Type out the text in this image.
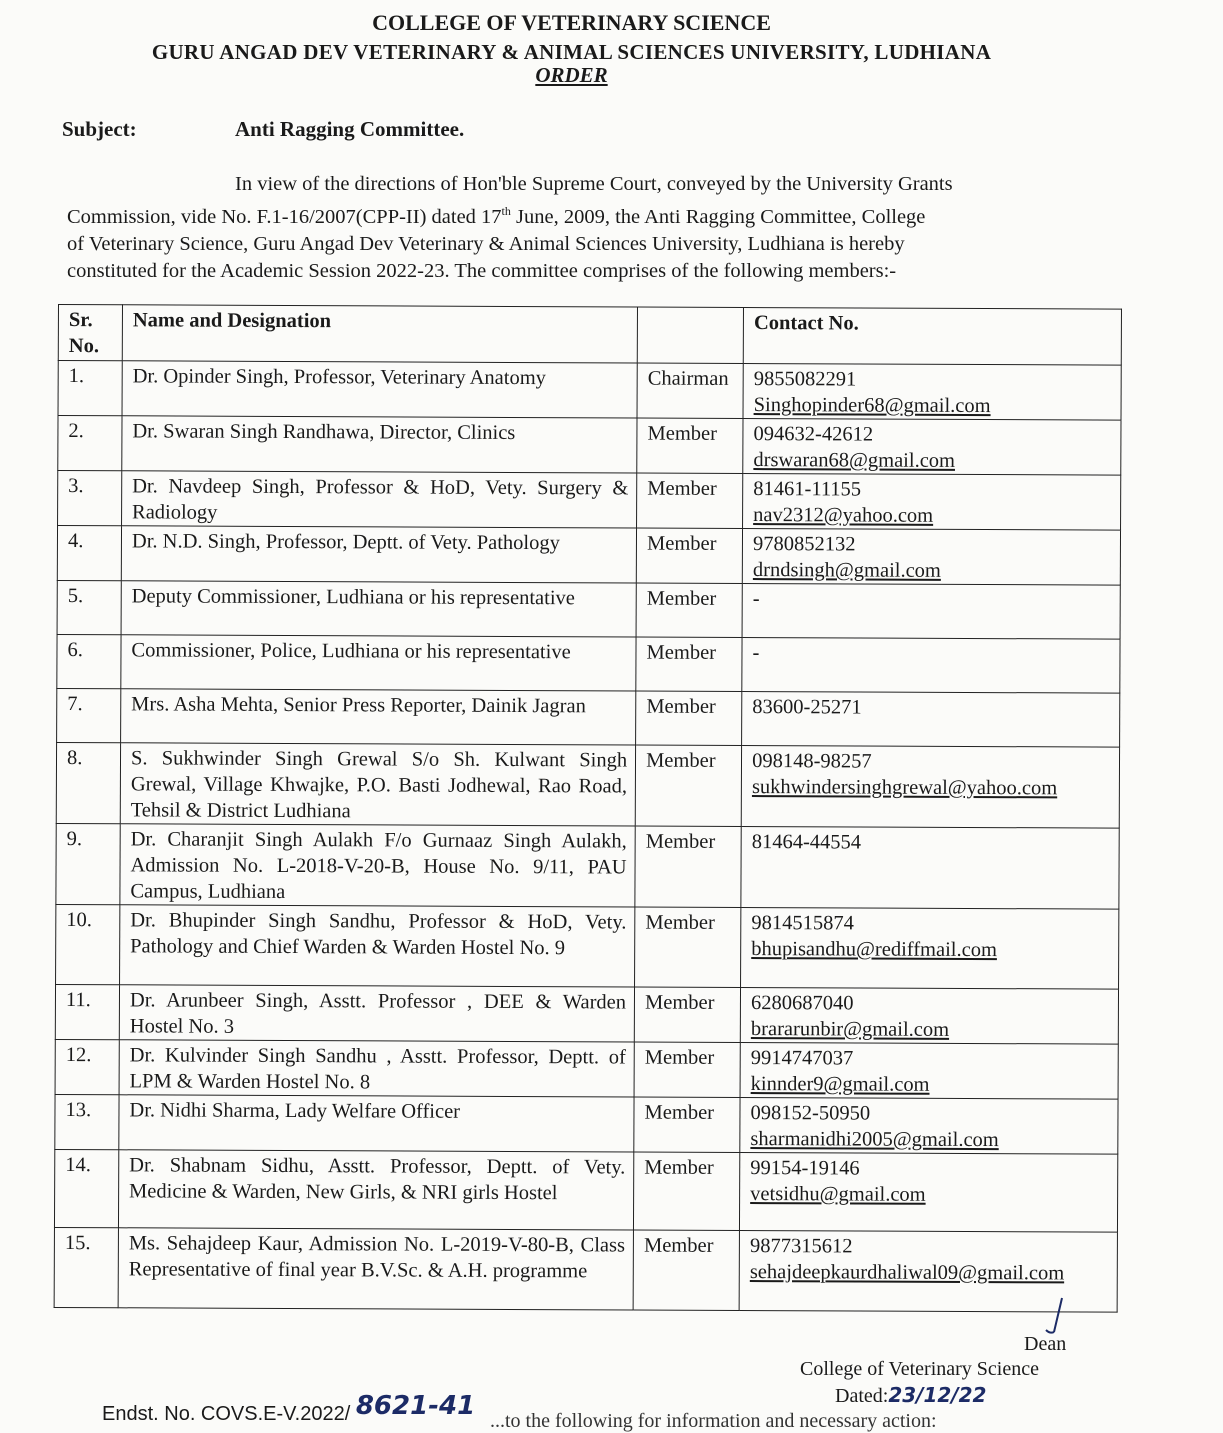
COLLEGE OF VETERINARY SCIENCE
GURU ANGAD DEV VETERINARY & ANIMAL SCIENCES UNIVERSITY, LUDHIANA
ORDER
Subject:	Anti Ragging Committee.
In view of the directions of Hon'ble Supreme Court, conveyed by the University Grants
Commission, vide No. F.1-16/2007(CPP-II) dated 17th June, 2009, the Anti Ragging Committee, College
of Veterinary Science, Guru Angad Dev Veterinary & Animal Sciences University, Ludhiana is hereby
constituted for the Academic Session 2022-23. The committee comprises of the following members:-
Sr. No.	Name and Designation		Contact No.
1.	Dr. Opinder Singh, Professor, Veterinary Anatomy	Chairman	9855082291
Singhopinder68@gmail.com
2.	Dr. Swaran Singh Randhawa, Director, Clinics	Member	094632-42612
drswaran68@gmail.com
3.	Dr. Navdeep Singh, Professor & HoD, Vety. Surgery & Radiology	Member	81461-11155
nav2312@yahoo.com
4.	Dr. N.D. Singh, Professor, Deptt. of Vety. Pathology	Member	9780852132
drndsingh@gmail.com
5.	Deputy Commissioner, Ludhiana or his representative	Member	-

6.	Commissioner, Police, Ludhiana or his representative	Member	-

7.	Mrs. Asha Mehta, Senior Press Reporter, Dainik Jagran	Member	83600-25271

8.	S. Sukhwinder Singh Grewal S/o Sh. Kulwant Singh Grewal, Village Khwajke, P.O. Basti Jodhewal, Rao Road, Tehsil & District Ludhiana	Member	098148-98257
sukhwindersinghgrewal@yahoo.com
9.	Dr. Charanjit Singh Aulakh F/o Gurnaaz Singh Aulakh, Admission No. L-2018-V-20-B, House No. 9/11, PAU Campus, Ludhiana	Member	81464-44554

10.	Dr. Bhupinder Singh Sandhu, Professor & HoD, Vety. Pathology and Chief Warden & Warden Hostel No. 9	Member	9814515874
bhupisandhu@rediffmail.com
11.	Dr. Arunbeer Singh, Asstt. Professor , DEE & Warden Hostel No. 3	Member	6280687040
brararunbir@gmail.com
12.	Dr. Kulvinder Singh Sandhu , Asstt. Professor, Deptt. of LPM & Warden Hostel No. 8	Member	9914747037
kinnder9@gmail.com
13.	Dr. Nidhi Sharma, Lady Welfare Officer	Member	098152-50950
sharmanidhi2005@gmail.com
14.	Dr. Shabnam Sidhu, Asstt. Professor, Deptt. of Vety. Medicine & Warden, New Girls, & NRI girls Hostel	Member	99154-19146
vetsidhu@gmail.com
15.	Ms. Sehajdeep Kaur, Admission No. L-2019-V-80-B, Class Representative of final year B.V.Sc. & A.H. programme	Member	9877315612
sehajdeepkaurdhaliwal09@gmail.com
Dean
College of Veterinary Science
Dated:23/12/22
Endst. No. COVS.E-V.2022/ 8621-41 ...to the following for information and necessary action:
